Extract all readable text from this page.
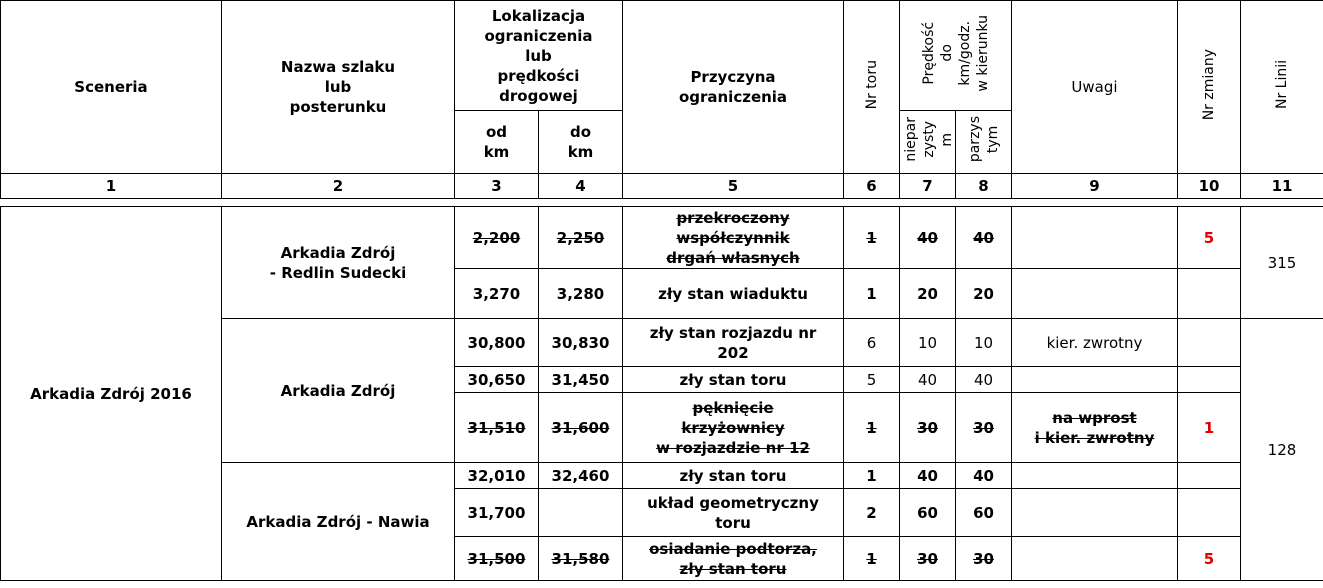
Sceneria	Nazwa szlaku
lub
posterunku	Lokalizacja
ograniczenia
lub
prędkości
drogowej		Przyczyna
ograniczenia	Nr toru	Prędkość
do
km/godz.
w kierunku		Uwagi	Nr zmiany	Nr Linii
		od
km	do
km			niepar
zysty
m	parzys
tym			
1	2	3	4	5	6	7	8	9	10	11
Arkadia Zdrój 2016	Arkadia Zdrój
- Redlin Sudecki	2,200	2,250	przekroczony
współczynnik
drgań własnych	1	40	40		5	315
		3,270	3,280	zły stan wiaduktu	1	20	20			
	Arkadia Zdrój	30,800	30,830	zły stan rozjazdu nr
202	6	10	10	kier. zwrotny		128
		30,650	31,450	zły stan toru	5	40	40			
		31,510	31,600	pęknięcie
krzyżownicy
w rozjazdzie nr 12	1	30	30	na wprost
i kier. zwrotny	1	
	Arkadia Zdrój - Nawia	32,010	32,460	zły stan toru	1	40	40			
		31,700		układ geometryczny
toru	2	60	60			
		31,500	31,580	osiadanie podtorza,
zły stan toru	1	30	30		5	
